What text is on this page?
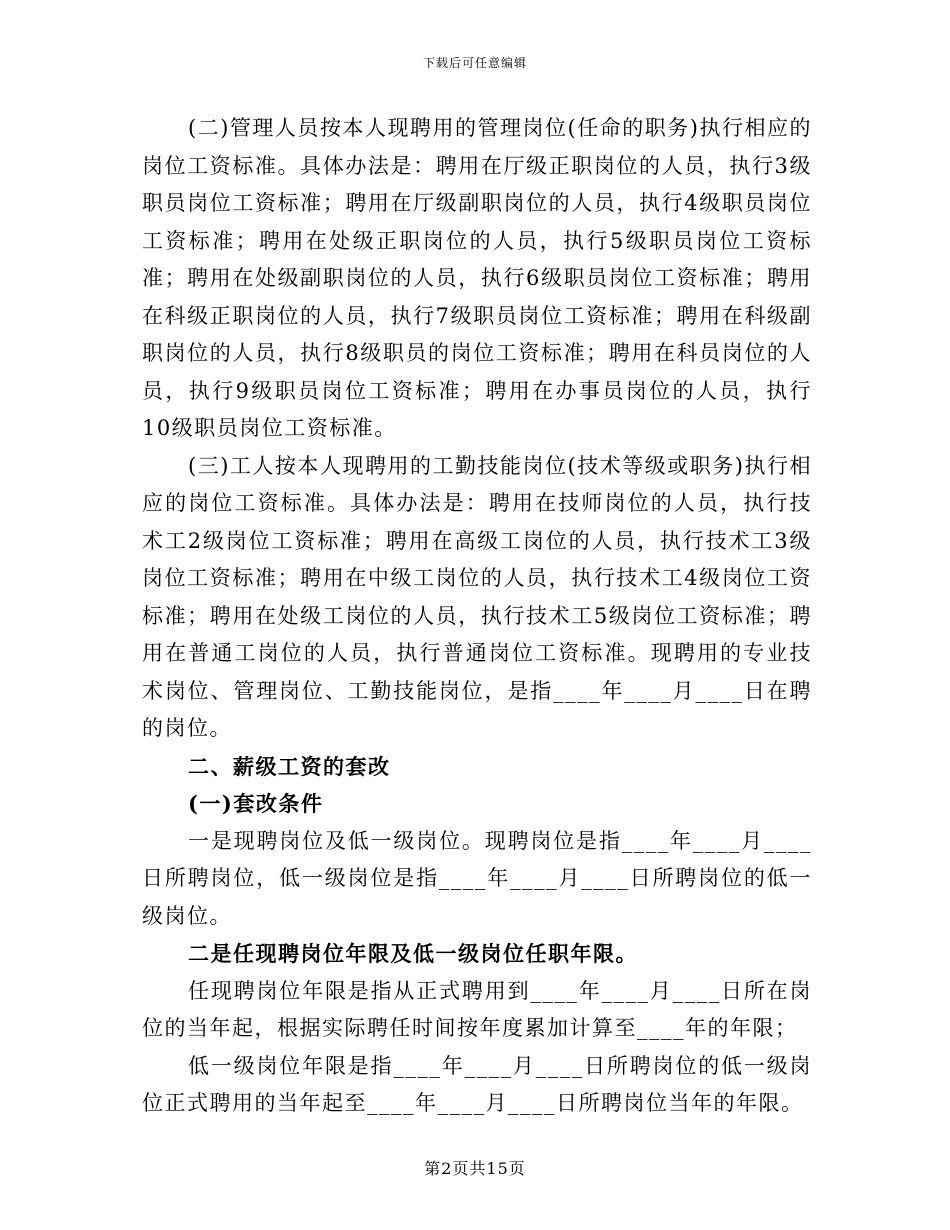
下载后可任意编辑

(二)管理人员按本人现聘用的管理岗位(任命的职务)执行相应的岗位工资标准。具体办法是：聘用在厅级正职岗位的人员，执行3级职员岗位工资标准；聘用在厅级副职岗位的人员，执行4级职员岗位工资标准；聘用在处级正职岗位的人员，执行5级职员岗位工资标准；聘用在处级副职岗位的人员，执行6级职员岗位工资标准；聘用在科级正职岗位的人员，执行7级职员岗位工资标准；聘用在科级副职岗位的人员，执行8级职员的岗位工资标准；聘用在科员岗位的人员，执行9级职员岗位工资标准；聘用在办事员岗位的人员，执行10级职员岗位工资标准。

(三)工人按本人现聘用的工勤技能岗位(技术等级或职务)执行相应的岗位工资标准。具体办法是：聘用在技师岗位的人员，执行技术工2级岗位工资标准；聘用在高级工岗位的人员，执行技术工3级岗位工资标准；聘用在中级工岗位的人员，执行技术工4级岗位工资标准；聘用在处级工岗位的人员，执行技术工5级岗位工资标准；聘用在普通工岗位的人员，执行普通岗位工资标准。现聘用的专业技术岗位、管理岗位、工勤技能岗位，是指____年____月____日在聘的岗位。

二、薪级工资的套改

(一)套改条件

一是现聘岗位及低一级岗位。现聘岗位是指____年____月____日所聘岗位，低一级岗位是指____年____月____日所聘岗位的低一级岗位。

二是任现聘岗位年限及低一级岗位任职年限。

任现聘岗位年限是指从正式聘用到____年____月____日所在岗位的当年起，根据实际聘任时间按年度累加计算至____年的年限；

低一级岗位年限是指____年____月____日所聘岗位的低一级岗位正式聘用的当年起至____年____月____日所聘岗位当年的年限。

第2页共15页
